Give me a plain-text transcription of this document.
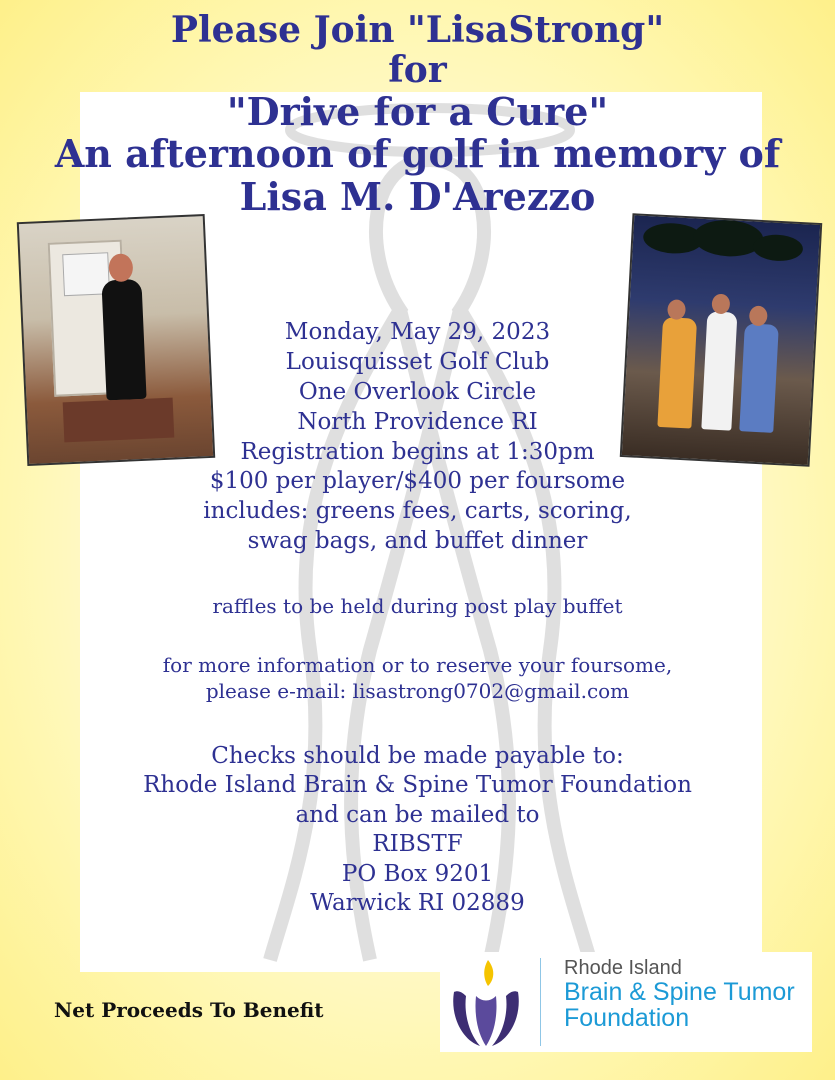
Please Join "LisaStrong"
for
"Drive for a Cure"
An afternoon of golf in memory of
Lisa M. D'Arezzo
Monday, May 29, 2023
Louisquisset Golf Club
One Overlook Circle
North Providence RI
Registration begins at 1:30pm
$100 per player/$400 per foursome
includes: greens fees, carts, scoring,
swag bags, and buffet dinner
raffles to be held during post play buffet
for more information or to reserve your foursome,
please e-mail: lisastrong0702@gmail.com
Checks should be made payable to:
Rhode Island Brain & Spine Tumor Foundation
and can be mailed to
RIBSTF
PO Box 9201
Warwick RI 02889
Net Proceeds To Benefit
Rhode Island
Brain & Spine Tumor
Foundation
